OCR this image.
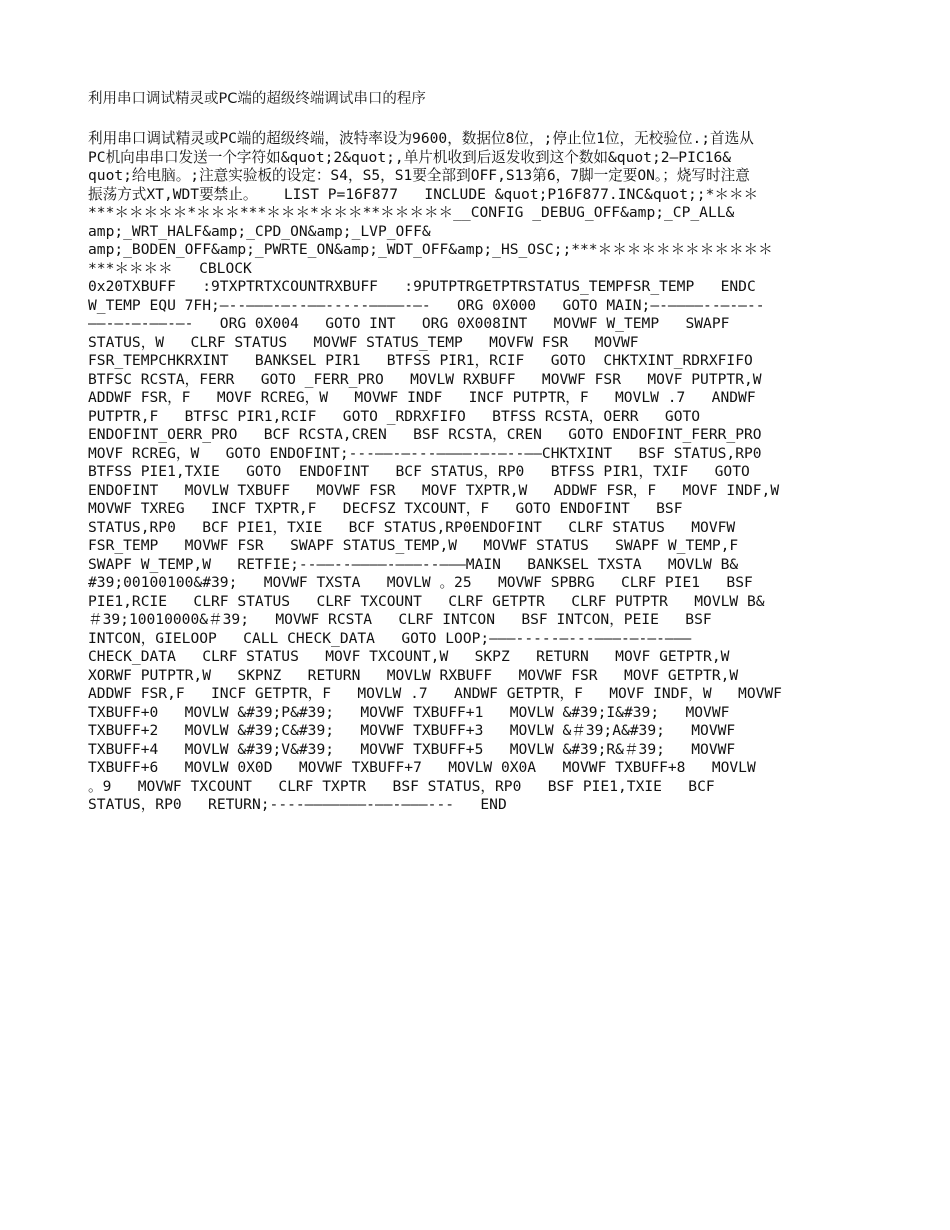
利用串口调试精灵或PC端的超级终端调试串口的程序
利用串口调试精灵或PC端的超级终端，波特率设为9600，数据位8位，;停止位1位，无校验位.;首选从
PC机向串串口发送一个字符如&quot;2&quot;,单片机收到后返发收到这个数如&quot;2—PIC16&
quot;给电脑。;注意实验板的设定：S4，S5，S1要全部到OFF,S13第6，7脚一定要ON。；烧写时注意
振荡方式XT,WDT要禁止。   LIST P=16F877   INCLUDE &quot;P16F877.INC&quot;;*＊＊＊
***＊＊＊＊＊*＊＊＊***＊＊＊*＊＊＊**＊＊＊＊＊__CONFIG _DEBUG_OFF&amp;_CP_ALL&
amp;_WRT_HALF&amp;_CPD_ON&amp;_LVP_OFF&
amp;_BODEN_OFF&amp;_PWRTE_ON&amp;_WDT_OFF&amp;_HS_OSC;;***＊＊＊＊＊＊＊＊＊＊＊＊
***＊＊＊＊   CBLOCK
0x20TXBUFF   :9TXPTRTXCOUNTRXBUFF   :9PUTPTRGETPTRSTATUS_TEMPFSR_TEMP   ENDC
W_TEMP EQU 7FH;—--———-—--——-----————-—-   ORG 0X000   GOTO MAIN;—-————--—-—--
——-—-—-——-—-   ORG 0X004   GOTO INT   ORG 0X008INT   MOVWF W_TEMP   SWAPF
STATUS，W   CLRF STATUS   MOVWF STATUS_TEMP   MOVFW FSR   MOVWF
FSR_TEMPCHKRXINT   BANKSEL PIR1   BTFSS PIR1，RCIF   GOTO  CHKTXINT_RDRXFIFO
BTFSC RCSTA，FERR   GOTO _FERR_PRO   MOVLW RXBUFF   MOVWF FSR   MOVF PUTPTR,W
ADDWF FSR，F   MOVF RCREG，W   MOVWF INDF   INCF PUTPTR，F   MOVLW .7   ANDWF
PUTPTR,F   BTFSC PIR1,RCIF   GOTO _RDRXFIFO   BTFSS RCSTA，OERR   GOTO
ENDOFINT_OERR_PRO   BCF RCSTA,CREN   BSF RCSTA，CREN   GOTO ENDOFINT_FERR_PRO
MOVF RCREG，W   GOTO ENDOFINT;---——-—---————-—-—--——CHKTXINT   BSF STATUS,RP0
BTFSS PIE1,TXIE   GOTO  ENDOFINT   BCF STATUS，RP0   BTFSS PIR1，TXIF   GOTO
ENDOFINT   MOVLW TXBUFF   MOVWF FSR   MOVF TXPTR,W   ADDWF FSR，F   MOVF INDF,W
MOVWF TXREG   INCF TXPTR,F   DECFSZ TXCOUNT，F   GOTO ENDOFINT   BSF
STATUS,RP0   BCF PIE1，TXIE   BCF STATUS,RP0ENDOFINT   CLRF STATUS   MOVFW
FSR_TEMP   MOVWF FSR   SWAPF STATUS_TEMP,W   MOVWF STATUS   SWAPF W_TEMP,F
SWAPF W_TEMP,W   RETFIE;--——--————-———--———MAIN   BANKSEL TXSTA   MOVLW B&
#39;00100100&#39;   MOVWF TXSTA   MOVLW 。25   MOVWF SPBRG   CLRF PIE1   BSF
PIE1,RCIE   CLRF STATUS   CLRF TXCOUNT   CLRF GETPTR   CLRF PUTPTR   MOVLW B&
＃39;10010000&＃39;   MOVWF RCSTA   CLRF INTCON   BSF INTCON，PEIE   BSF
INTCON，GIELOOP   CALL CHECK_DATA   GOTO LOOP;———-----—---———-—-—-———
CHECK_DATA   CLRF STATUS   MOVF TXCOUNT,W   SKPZ   RETURN   MOVF GETPTR,W
XORWF PUTPTR,W   SKPNZ   RETURN   MOVLW RXBUFF   MOVWF FSR   MOVF GETPTR,W
ADDWF FSR,F   INCF GETPTR，F   MOVLW .7   ANDWF GETPTR，F   MOVF INDF，W   MOVWF
TXBUFF+0   MOVLW &#39;P&#39;   MOVWF TXBUFF+1   MOVLW &#39;I&#39;   MOVWF
TXBUFF+2   MOVLW &#39;C&#39;   MOVWF TXBUFF+3   MOVLW &＃39;A&#39;   MOVWF
TXBUFF+4   MOVLW &#39;V&#39;   MOVWF TXBUFF+5   MOVLW &#39;R&＃39;   MOVWF
TXBUFF+6   MOVLW 0X0D   MOVWF TXBUFF+7   MOVLW 0X0A   MOVWF TXBUFF+8   MOVLW
。9   MOVWF TXCOUNT   CLRF TXPTR   BSF STATUS，RP0   BSF PIE1,TXIE   BCF
STATUS，RP0   RETURN;----———————-——-———---   END
